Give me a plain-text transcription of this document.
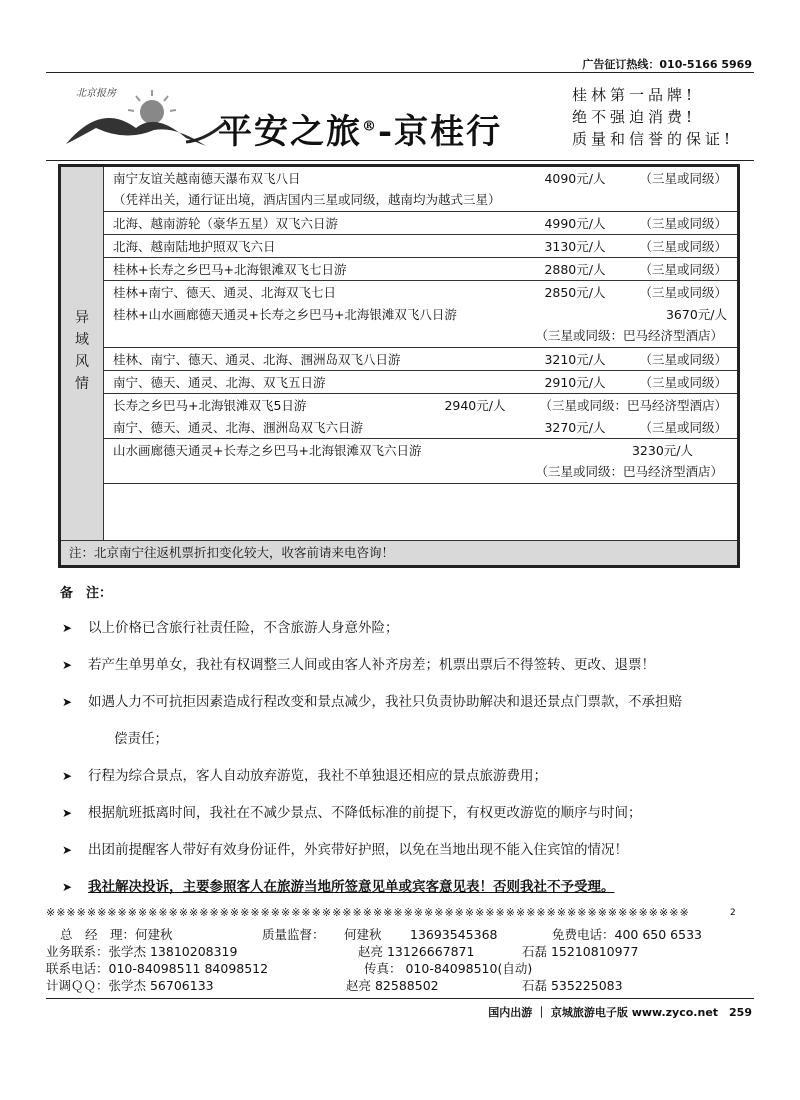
广告征订热线：010-5166 5969
北京报房
平安之旅®-京桂行
桂林第一品牌!
绝不强迫消费!
质量和信誉的保证!
异域风情
南宁友谊关越南德天瀑布双飞八日	4090元/人	（三星或同级）
（凭祥出关，通行证出境，酒店国内三星或同级，越南均为越式三星）
北海、越南游轮（豪华五星）双飞六日游	4990元/人	（三星或同级）
北海、越南陆地护照双飞六日	3130元/人	（三星或同级）
桂林+长寿之乡巴马+北海银滩双飞七日游	2880元/人	（三星或同级）
桂林+南宁、德天、通灵、北海双飞七日	2850元/人	（三星或同级）
桂林+山水画廊德天通灵+长寿之乡巴马+北海银滩双飞八日游	3670元/人
（三星或同级：巴马经济型酒店）
桂林、南宁、德天、通灵、北海、涠洲岛双飞八日游	3210元/人	（三星或同级）
南宁、德天、通灵、北海、双飞五日游	2910元/人	（三星或同级）
长寿之乡巴马+北海银滩双飞5日游	2940元/人	（三星或同级：巴马经济型酒店）
南宁、德天、通灵、北海、涠洲岛双飞六日游	3270元/人	（三星或同级）
山水画廊德天通灵+长寿之乡巴马+北海银滩双飞六日游	3230元/人
（三星或同级：巴马经济型酒店）
注：北京南宁往返机票折扣变化较大，收客前请来电咨询！
备　注：
➤ 以上价格已含旅行社责任险，不含旅游人身意外险；
➤ 若产生单男单女，我社有权调整三人间或由客人补齐房差；机票出票后不得签转、更改、退票！
➤ 如遇人力不可抗拒因素造成行程改变和景点减少，我社只负责协助解决和退还景点门票款，不承担赔
偿责任；
➤ 行程为综合景点，客人自动放弃游览，我社不单独退还相应的景点旅游费用；
➤ 根据航班抵离时间，我社在不减少景点、不降低标准的前提下，有权更改游览的顺序与时间；
➤ 出团前提醒客人带好有效身份证件，外宾带好护照，以免在当地出现不能入住宾馆的情况！
➤ 我社解决投诉，主要参照客人在旅游当地所签意见单或宾客意见表！否则我社不予受理。
※※※※※※※※※※※※※※※※※※※※※※※※※※※※※※※※※※※※※※※※※※※※※※※※※※※※※※※※※※※※※※※	2
总　经　理：何建秋	质量监督： 何建秋 13693545368	免费电话：400 650 6533
业务联系：张学杰 13810208319	赵亮 13126667871	石磊 15210810977
联系电话：010-84098511 84098512	传真： 010-84098510(自动)
计调ＱＱ：张学杰 56706133	赵亮 82588502	石磊 535225083
国内出游 ｜ 京城旅游电子版 www.zyco.net　259
